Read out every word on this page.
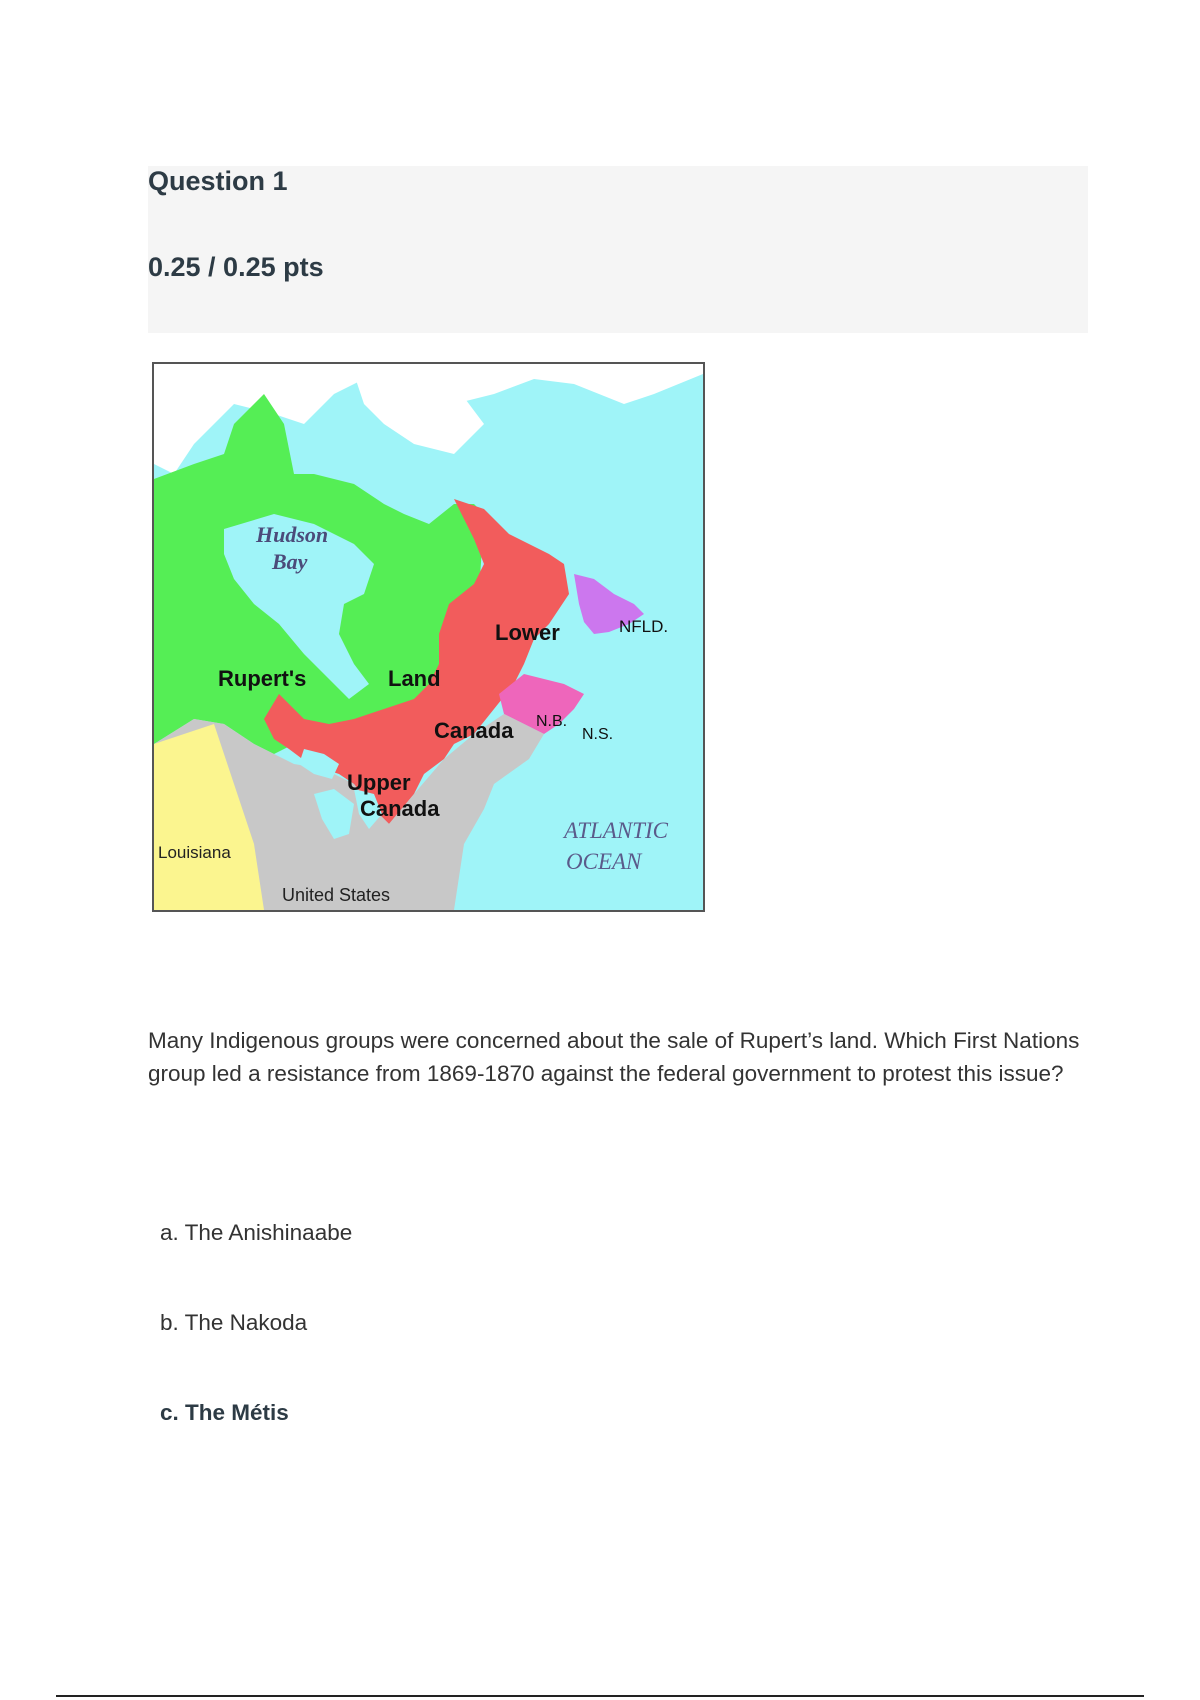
Question 1
0.25 / 0.25 pts
Hudson
Bay
Rupert's	Land
Lower
Canada
Upper
Canada
NFLD.
N.B.
N.S.
ATLANTIC
OCEAN
Louisiana
United States
Many Indigenous groups were concerned about the sale of Rupert’s land. Which First Nations group led a resistance from 1869-1870 against the federal government to protest this issue?
a. The Anishinaabe
b. The Nakoda
c. The Métis
